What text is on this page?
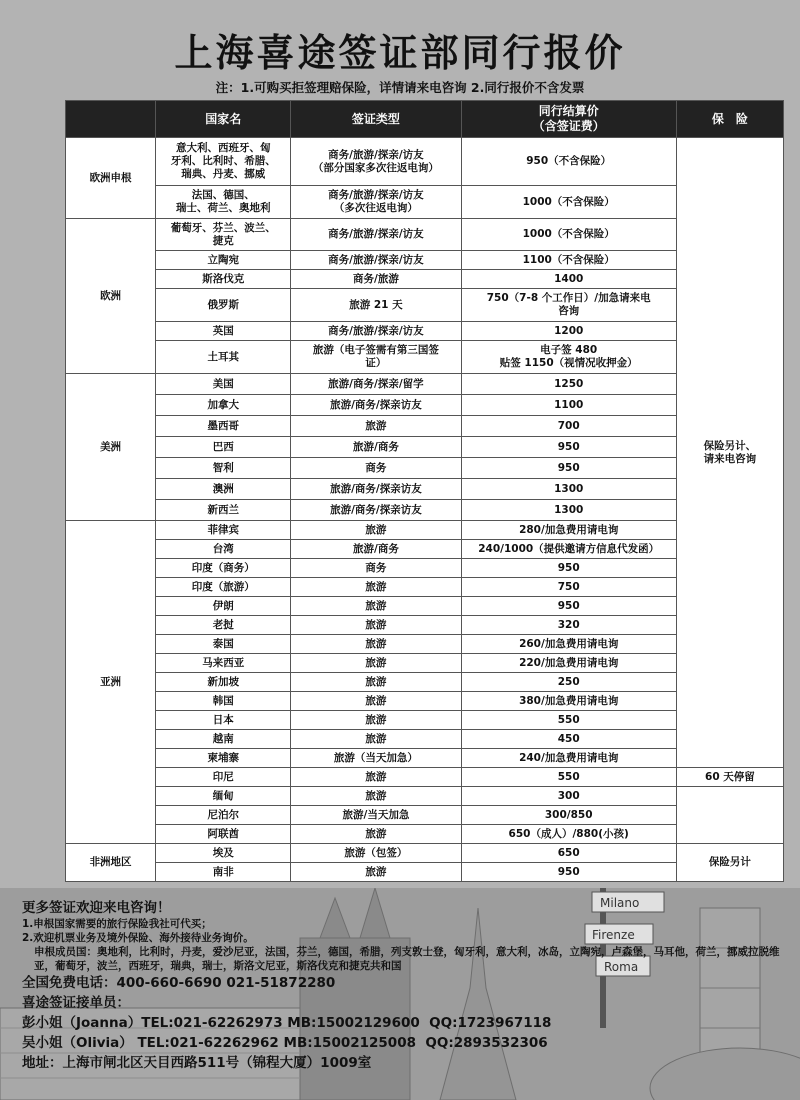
上海喜途签证部同行报价
注：1.可购买拒签理赔保险，详情请来电咨询 2.同行报价不含发票
	国家名	签证类型	同行结算价
（含签证费）	保　险
欧洲申根	意大利、西班牙、匈
牙利、比利时、希腊、
瑞典、丹麦、挪威	商务/旅游/探亲/访友
（部分国家多次往返电询）	950（不含保险）	保险另计、
请来电咨询
	法国、德国、
瑞士、荷兰、奥地利	商务/旅游/探亲/访友
（多次往返电询）	1000（不含保险）	
欧洲	葡萄牙、芬兰、波兰、
捷克	商务/旅游/探亲/访友	1000（不含保险）	
	立陶宛	商务/旅游/探亲/访友	1100（不含保险）	
	斯洛伐克	商务/旅游	1400	
	俄罗斯	旅游 21 天	750（7-8 个工作日）/加急请来电
咨询	
	英国	商务/旅游/探亲/访友	1200	
	土耳其	旅游（电子签需有第三国签
证）	电子签 480
贴签 1150（视情况收押金）	
美洲	美国	旅游/商务/探亲/留学	1250	
	加拿大	旅游/商务/探亲访友	1100	
	墨西哥	旅游	700	
	巴西	旅游/商务	950	
	智利	商务	950	
	澳洲	旅游/商务/探亲访友	1300	
	新西兰	旅游/商务/探亲访友	1300	
亚洲	菲律宾	旅游	280/加急费用请电询	
	台湾	旅游/商务	240/1000（提供邀请方信息代发函）	
	印度（商务）	商务	950	
	印度（旅游）	旅游	750	
	伊朗	旅游	950	
	老挝	旅游	320	
	泰国	旅游	260/加急费用请电询	
	马来西亚	旅游	220/加急费用请电询	
	新加坡	旅游	250	
	韩国	旅游	380/加急费用请电询	
	日本	旅游	550	
	越南	旅游	450	
	柬埔寨	旅游（当天加急）	240/加急费用请电询	
	印尼	旅游	550	60 天停留
	缅甸	旅游	300	
	尼泊尔	旅游/当天加急	300/850	
	阿联酋	旅游	650（成人）/880(小孩)	
非洲地区	埃及	旅游（包签）	650	保险另计
	南非	旅游	950	
Milano
Firenze
Roma
更多签证欢迎来电咨询！
1.申根国家需要的旅行保险我社可代买；
2.欢迎机票业务及境外保险、海外接待业务询价。
申根成员国：奥地利，比利时，丹麦，爱沙尼亚，法国，芬兰，德国，希腊，列支敦士登，匈牙利，意大利，冰岛，立陶宛，卢森堡，马耳他，荷兰，挪威拉脱维亚，葡萄牙，波兰，西班牙，瑞典，瑞士，斯洛文尼亚，斯洛伐克和捷克共和国
全国免费电话：400-660-6690 021-51872280
喜途签证接单员：
彭小姐（Joanna）TEL:021-62262973 MB:15002129600  QQ:1723967118
吴小姐（Olivia） TEL:021-62262962 MB:15002125008  QQ:2893532306
地址：上海市闸北区天目西路511号（锦程大厦）1009室
